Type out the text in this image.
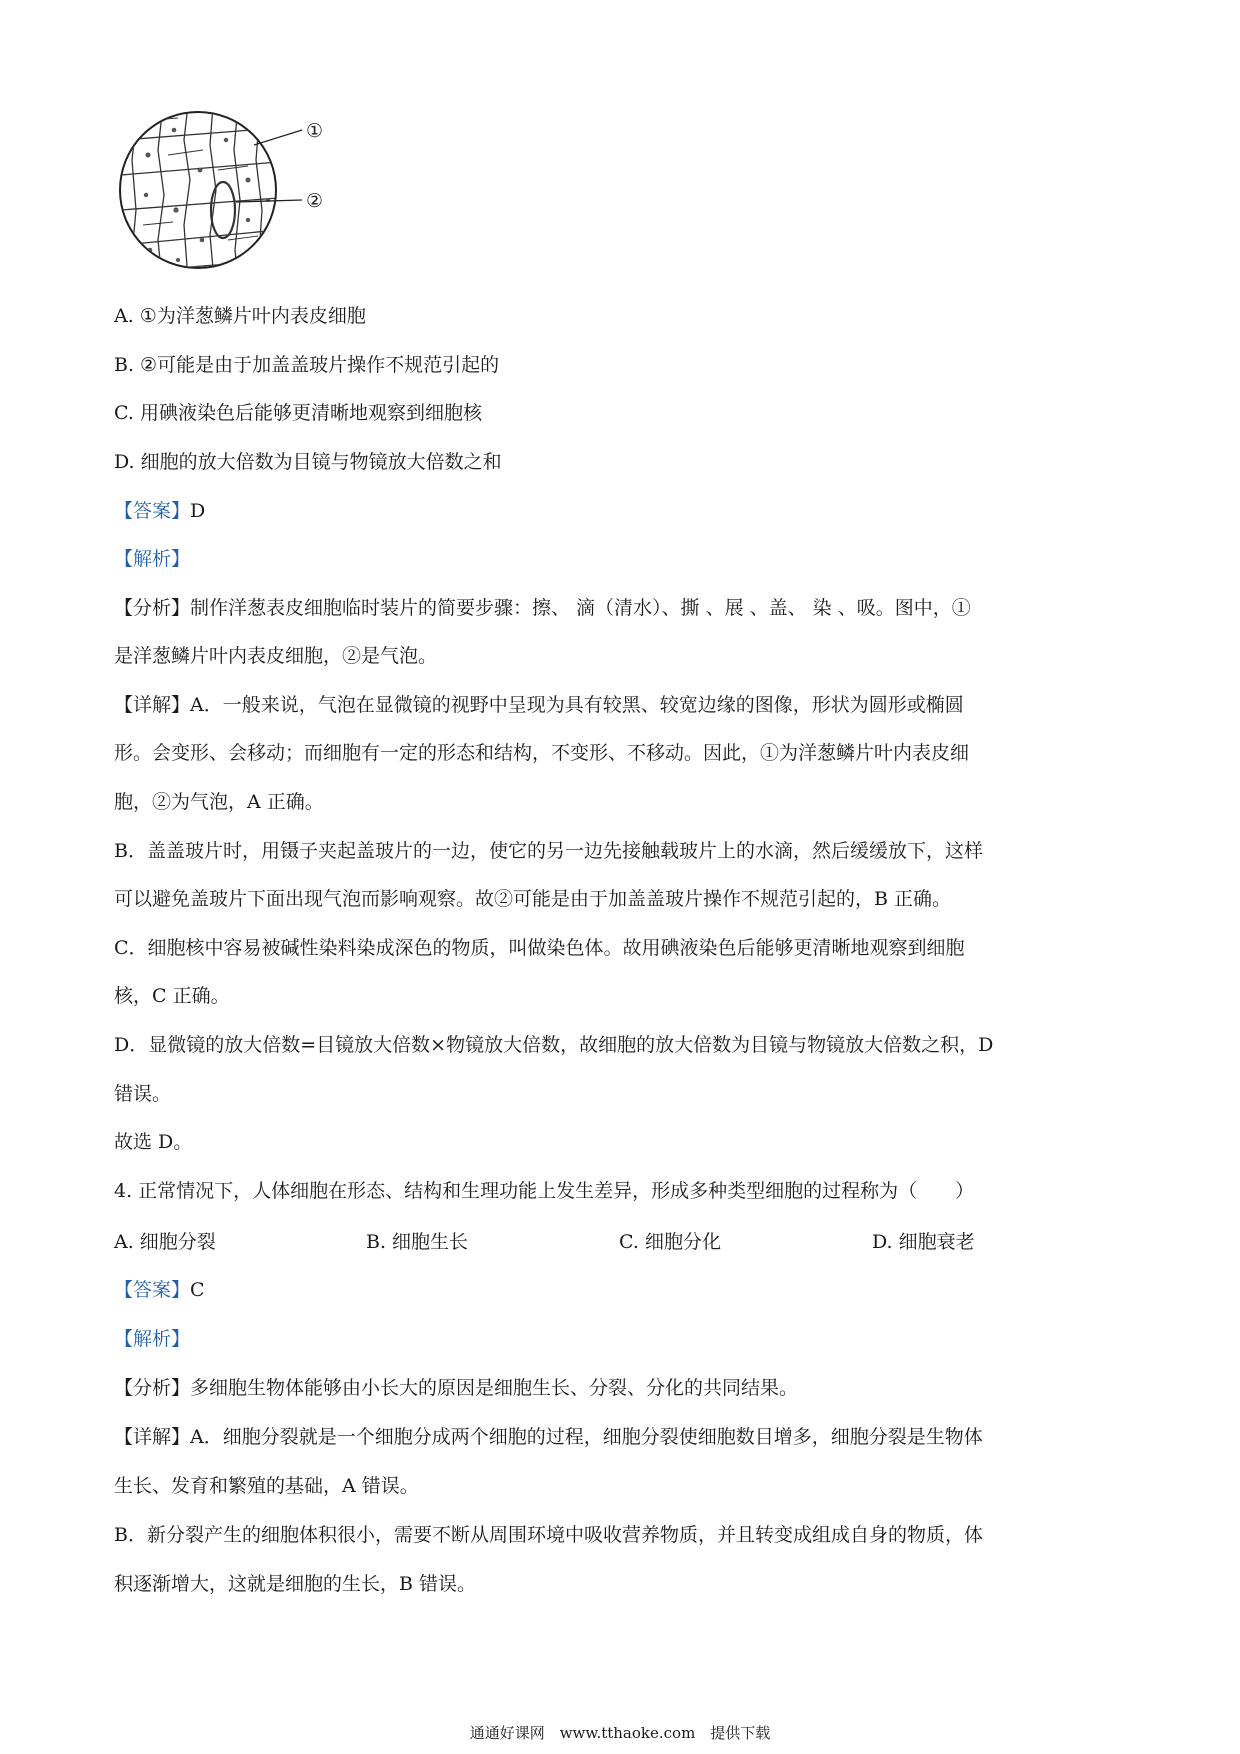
①
②
A. ①为洋葱鳞片叶内表皮细胞
B. ②可能是由于加盖盖玻片操作不规范引起的
C. 用碘液染色后能够更清晰地观察到细胞核
D. 细胞的放大倍数为目镜与物镜放大倍数之和
【答案】D
【解析】
【分析】制作洋葱表皮细胞临时装片的简要步骤：擦、 滴（清水）、撕 、展 、盖、 染 、吸。图中，①
是洋葱鳞片叶内表皮细胞，②是气泡。
【详解】A．一般来说，气泡在显微镜的视野中呈现为具有较黑、较宽边缘的图像，形状为圆形或椭圆
形。会变形、会移动；而细胞有一定的形态和结构，不变形、不移动。因此，①为洋葱鳞片叶内表皮细
胞，②为气泡，A 正确。
B．盖盖玻片时，用镊子夹起盖玻片的一边，使它的另一边先接触载玻片上的水滴，然后缓缓放下，这样
可以避免盖玻片下面出现气泡而影响观察。故②可能是由于加盖盖玻片操作不规范引起的，B 正确。
C．细胞核中容易被碱性染料染成深色的物质，叫做染色体。故用碘液染色后能够更清晰地观察到细胞
核，C 正确。
D．显微镜的放大倍数=目镜放大倍数×物镜放大倍数，故细胞的放大倍数为目镜与物镜放大倍数之积，D
错误。
故选 D。
4. 正常情况下，人体细胞在形态、结构和生理功能上发生差异，形成多种类型细胞的过程称为（　　）
A. 细胞分裂	B. 细胞生长	C. 细胞分化	D. 细胞衰老
【答案】C
【解析】
【分析】多细胞生物体能够由小长大的原因是细胞生长、分裂、分化的共同结果。
【详解】A．细胞分裂就是一个细胞分成两个细胞的过程，细胞分裂使细胞数目增多，细胞分裂是生物体
生长、发育和繁殖的基础，A 错误。
B．新分裂产生的细胞体积很小，需要不断从周围环境中吸收营养物质，并且转变成组成自身的物质，体
积逐渐增大，这就是细胞的生长，B 错误。
通通好课网　www.tthaoke.com　提供下载
